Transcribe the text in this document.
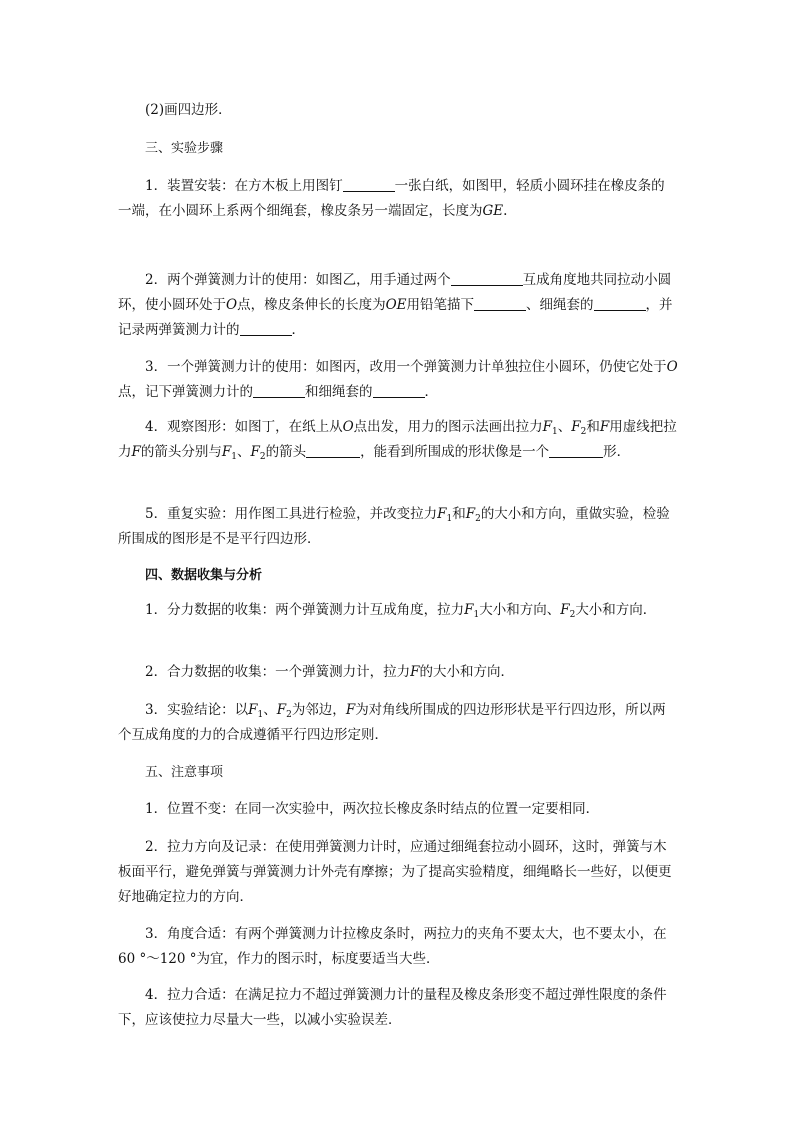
(2)画四边形．
三、实验步骤
1．装置安装：在方木板上用图钉	一张白纸，如图甲，轻质小圆环挂在橡皮条的一端，在小圆环上系两个细绳套，橡皮条另一端固定，长度为GE.
2．两个弹簧测力计的使用：如图乙，用手通过两个	互成角度地共同拉动小圆环，使小圆环处于O点，橡皮条伸长的长度为OE用铅笔描下	、细绳套的	，并记录两弹簧测力计的	．
3．一个弹簧测力计的使用：如图丙，改用一个弹簧测力计单独拉住小圆环，仍使它处于O点，记下弹簧测力计的	和细绳套的	．
4．观察图形：如图丁，在纸上从O点出发，用力的图示法画出拉力$F_1$、$F_2$和F用虚线把拉力F的箭头分别与$F_1$、$F_2$的箭头	，能看到所围成的形状像是一个	形．
5．重复实验：用作图工具进行检验，并改变拉力$F_1$和$F_2$的大小和方向，重做实验，检验所围成的图形是不是平行四边形．
四、数据收集与分析
1．分力数据的收集：两个弹簧测力计互成角度，拉力$F_1$大小和方向、$F_2$大小和方向．
2．合力数据的收集：一个弹簧测力计，拉力F的大小和方向．
3．实验结论：以$F_1$、$F_2$为邻边，F为对角线所围成的四边形形状是平行四边形，所以两个互成角度的力的合成遵循平行四边形定则．
五、注意事项
1．位置不变：在同一次实验中，两次拉长橡皮条时结点的位置一定要相同．
2．拉力方向及记录：在使用弹簧测力计时，应通过细绳套拉动小圆环，这时，弹簧与木板面平行，避免弹簧与弹簧测力计外壳有摩擦；为了提高实验精度，细绳略长一些好，以便更好地确定拉力的方向．
3．角度合适：有两个弹簧测力计拉橡皮条时，两拉力的夹角不要太大，也不要太小，在 60 °～120 °为宜，作力的图示时，标度要适当大些．
4．拉力合适：在满足拉力不超过弹簧测力计的量程及橡皮条形变不超过弹性限度的条件下，应该使拉力尽量大一些，以减小实验误差．
